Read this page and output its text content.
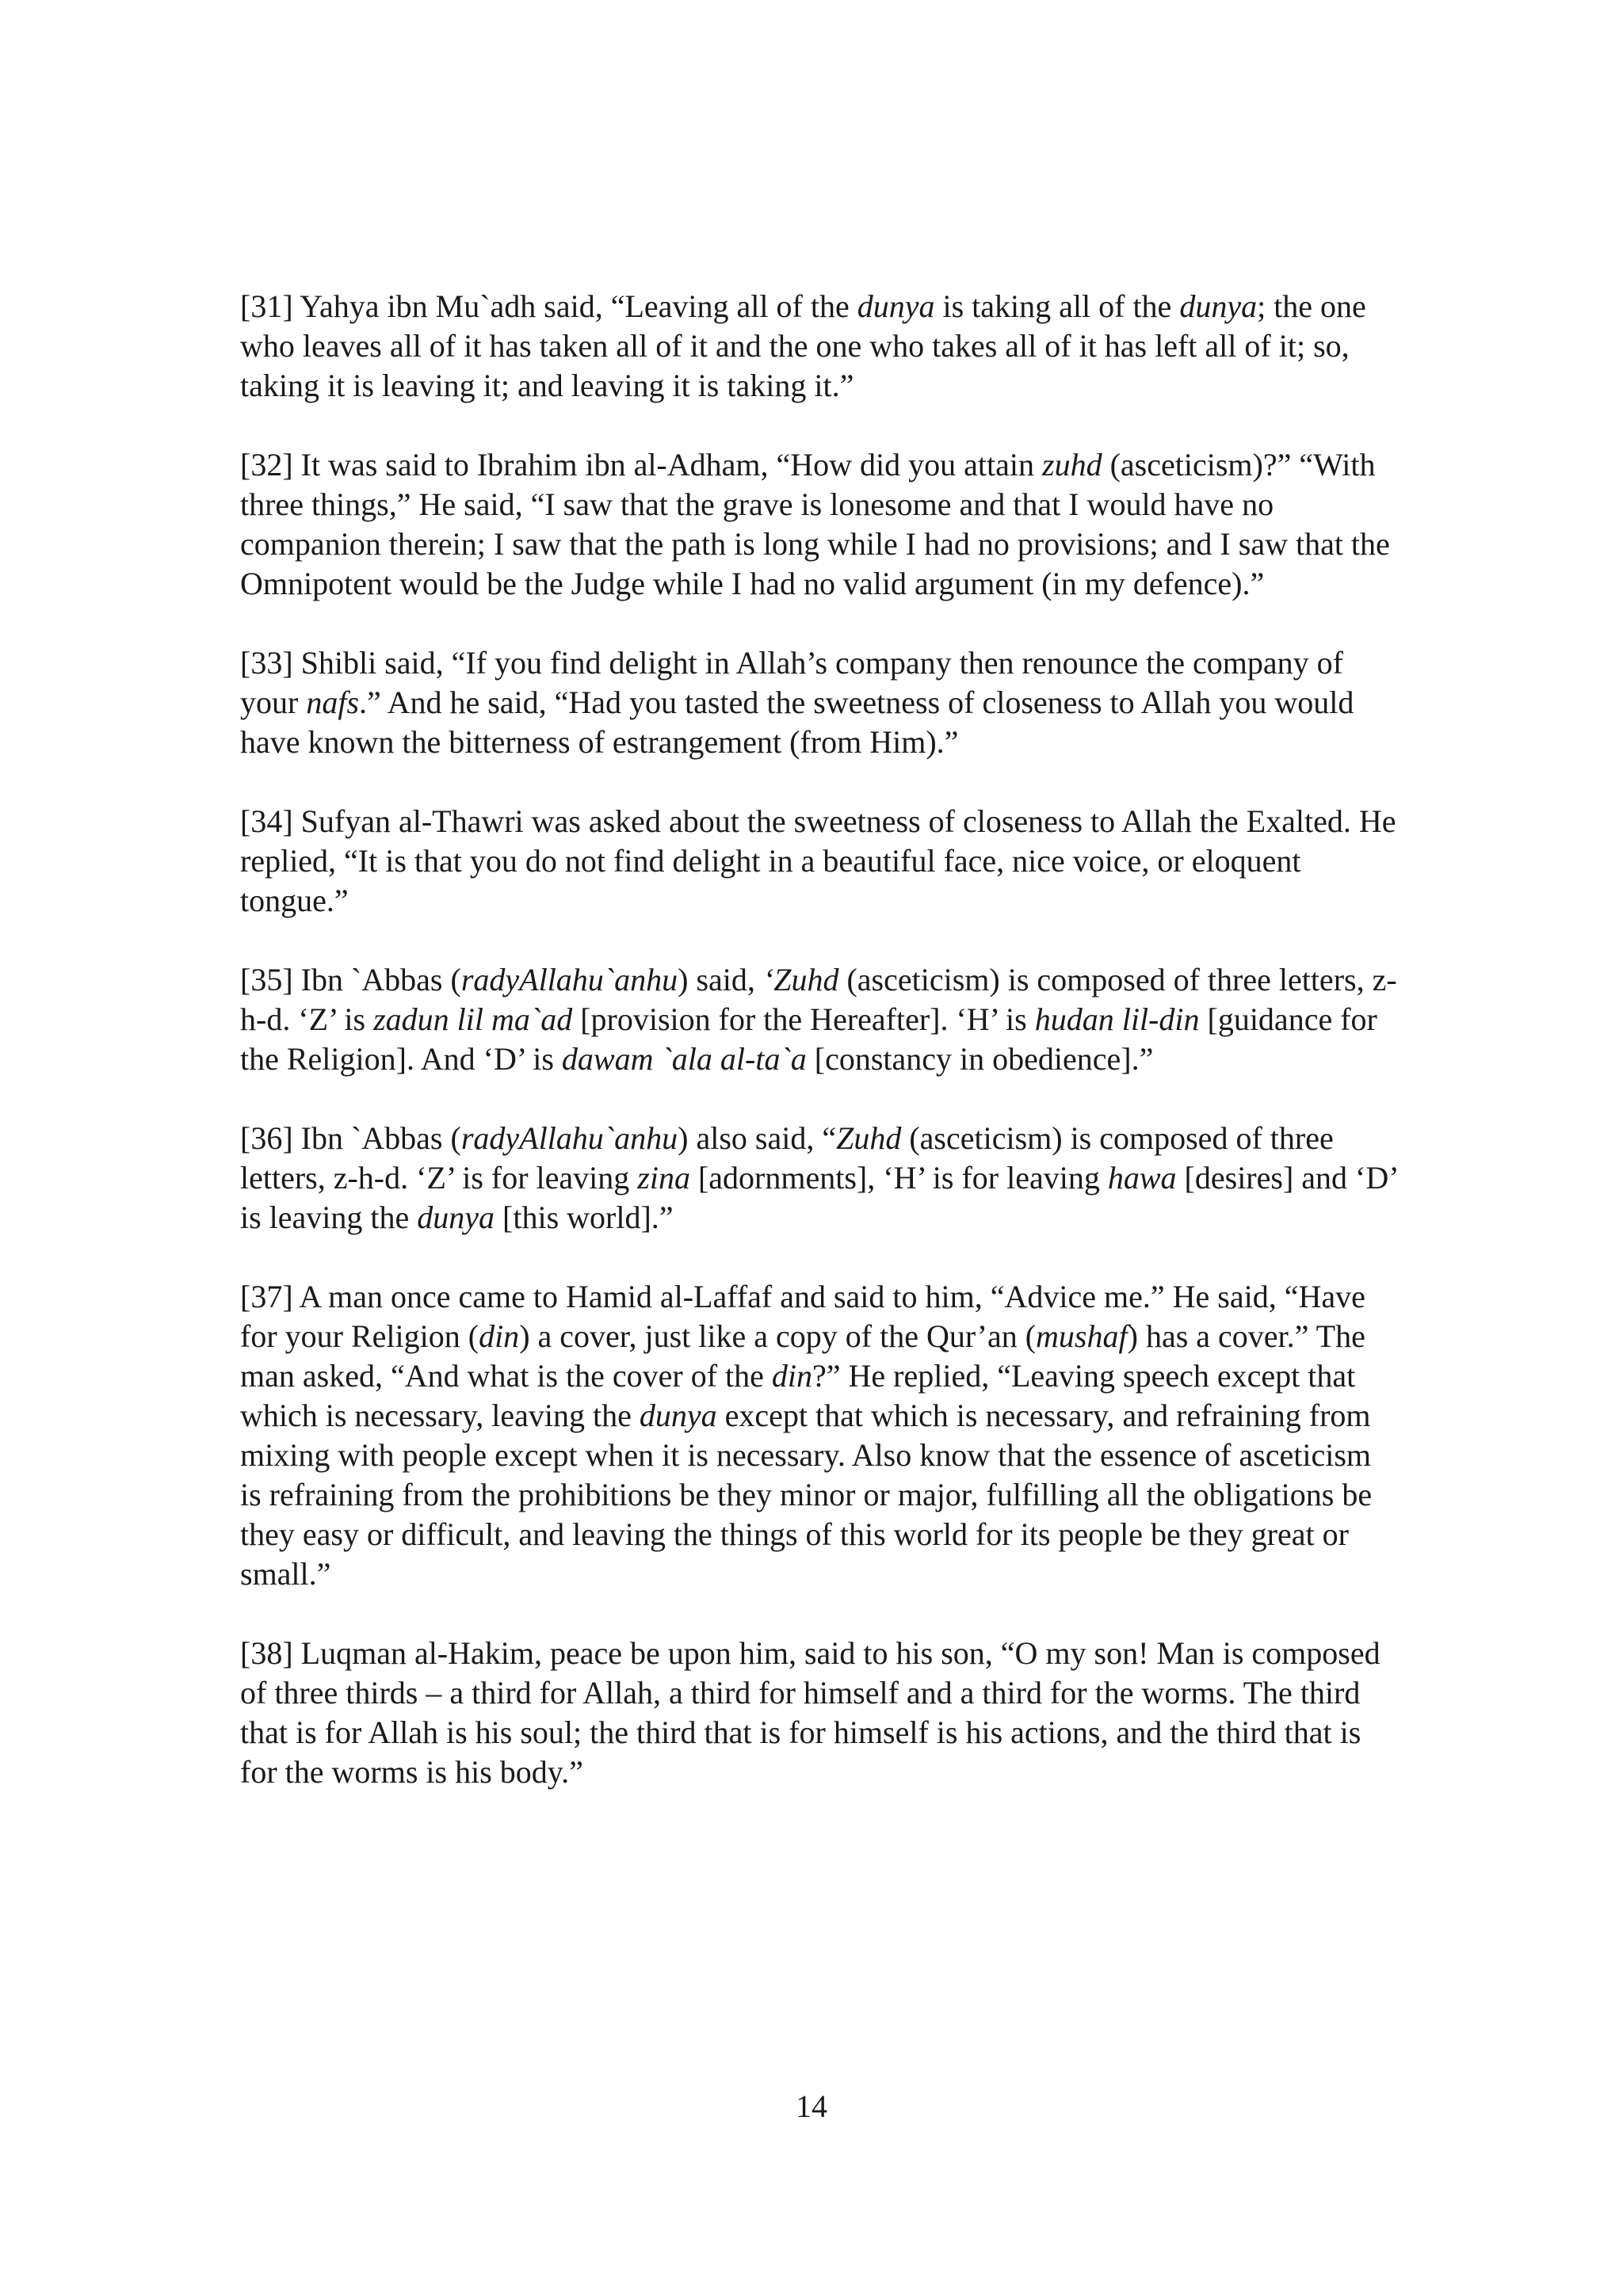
[31] Yahya ibn Mu`adh said, “Leaving all of the dunya is taking all of the dunya; the one who leaves all of it has taken all of it and the one who takes all of it has left all of it; so, taking it is leaving it; and leaving it is taking it.”

[32] It was said to Ibrahim ibn al-Adham, “How did you attain zuhd (asceticism)?” “With three things,” He said, “I saw that the grave is lonesome and that I would have no companion therein; I saw that the path is long while I had no provisions; and I saw that the Omnipotent would be the Judge while I had no valid argument (in my defence).”

[33] Shibli said, “If you find delight in Allah’s company then renounce the company of your nafs.” And he said, “Had you tasted the sweetness of closeness to Allah you would have known the bitterness of estrangement (from Him).”

[34] Sufyan al-Thawri was asked about the sweetness of closeness to Allah the Exalted. He replied, “It is that you do not find delight in a beautiful face, nice voice, or eloquent tongue.”

[35] Ibn `Abbas (radyAllahu`anhu) said, ‘Zuhd (asceticism) is composed of three letters, z-h-d. ‘Z’ is zadun lil ma`ad [provision for the Hereafter]. ‘H’ is hudan lil-din [guidance for the Religion]. And ‘D’ is dawam `ala al-ta`a [constancy in obedience].”

[36] Ibn `Abbas (radyAllahu`anhu) also said, “Zuhd (asceticism) is composed of three letters, z-h-d. ‘Z’ is for leaving zina [adornments], ‘H’ is for leaving hawa [desires] and ‘D’ is leaving the dunya [this world].”

[37] A man once came to Hamid al-Laffaf and said to him, “Advice me.” He said, “Have for your Religion (din) a cover, just like a copy of the Qur’an (mushaf) has a cover.” The man asked, “And what is the cover of the din?” He replied, “Leaving speech except that which is necessary, leaving the dunya except that which is necessary, and refraining from mixing with people except when it is necessary. Also know that the essence of asceticism is refraining from the prohibitions be they minor or major, fulfilling all the obligations be they easy or difficult, and leaving the things of this world for its people be they great or small.”

[38] Luqman al-Hakim, peace be upon him, said to his son, “O my son! Man is composed of three thirds – a third for Allah, a third for himself and a third for the worms. The third that is for Allah is his soul; the third that is for himself is his actions, and the third that is for the worms is his body.”

14
